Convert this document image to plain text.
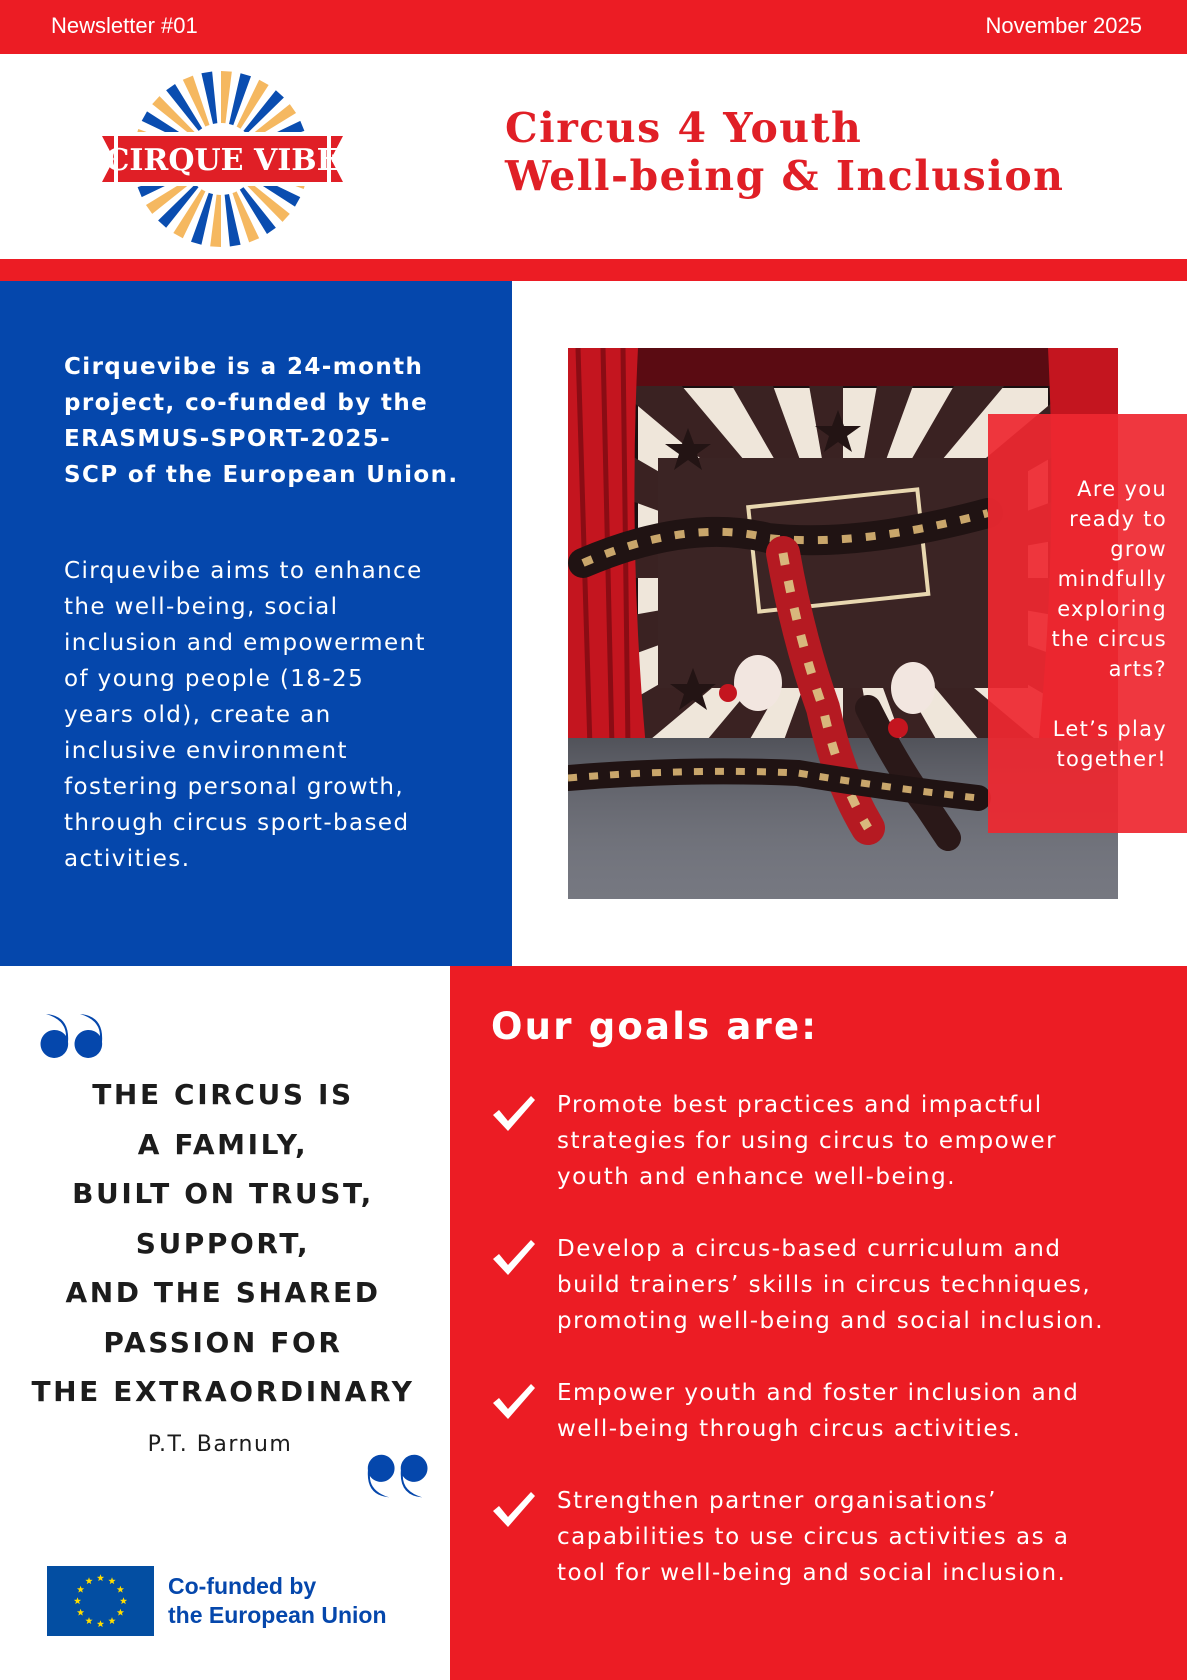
Newsletter #01	November 2025
CIRQUE VIBE
Circus 4 Youth
Well-being & Inclusion
Cirquevibe is a 24-month
project, co-funded by the
ERASMUS-SPORT-2025-
SCP of the European Union.
Cirquevibe aims to enhance
the well-being, social
inclusion and empowerment
of young people (18-25
years old), create an
inclusive environment
fostering personal growth,
through circus sport-based
activities.
Are you
ready to
grow
mindfully
exploring
the circus
arts?
Let’s play
together!
THE CIRCUS IS
A FAMILY,
BUILT ON TRUST,
SUPPORT,
AND THE SHARED
PASSION FOR
THE EXTRAORDINARY
P.T. Barnum
Co-funded by
the European Union
Our goals are:
Promote best practices and impactful
strategies for using circus to empower
youth and enhance well-being.
Develop a circus-based curriculum and
build trainers’ skills in circus techniques,
promoting well-being and social inclusion.
Empower youth and foster inclusion and
well-being through circus activities.
Strengthen partner organisations’
capabilities to use circus activities as a
tool for well-being and social inclusion.
